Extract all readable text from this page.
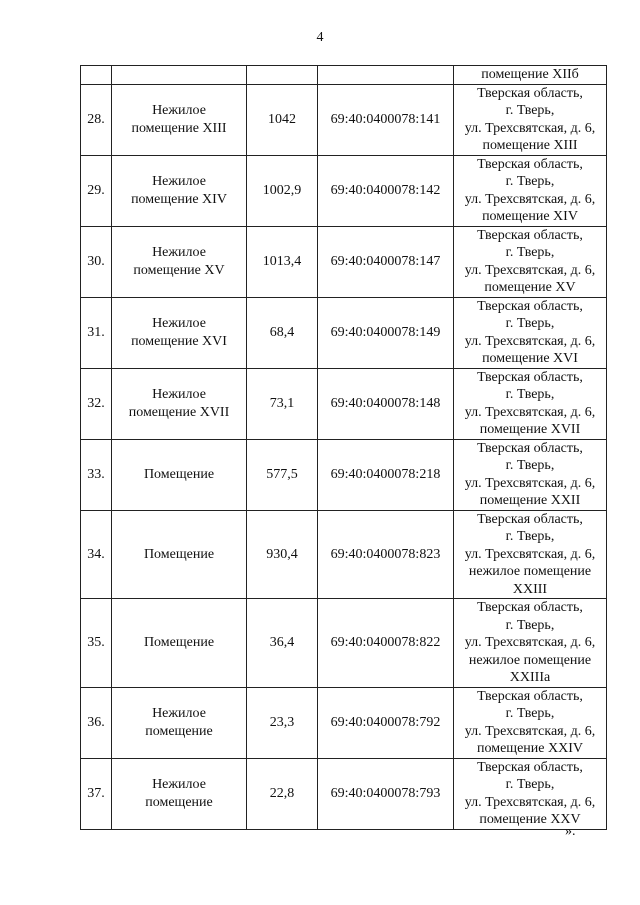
4
				помещение XIIб
28.	Нежилое
помещение XIII	1042	69:40:0400078:141	Тверская область,
г. Тверь,
ул. Трехсвятская, д. 6,
помещение XIII

29.	Нежилое
помещение XIV	1002,9	69:40:0400078:142	Тверская область,
г. Тверь,
ул. Трехсвятская, д. 6,
помещение XIV

30.	Нежилое
помещение XV	1013,4	69:40:0400078:147	Тверская область,
г. Тверь,
ул. Трехсвятская, д. 6,
помещение XV

31.	Нежилое
помещение XVI	68,4	69:40:0400078:149	Тверская область,
г. Тверь,
ул. Трехсвятская, д. 6,
помещение XVI

32.	Нежилое
помещение XVII	73,1	69:40:0400078:148	Тверская область,
г. Тверь,
ул. Трехсвятская, д. 6,
помещение XVII

33.	Помещение	577,5	69:40:0400078:218	Тверская область,
г. Тверь,
ул. Трехсвятская, д. 6,
помещение XXII

34.	Помещение	930,4	69:40:0400078:823	Тверская область,
г. Тверь,
ул. Трехсвятская, д. 6,
нежилое помещение
XXIII

35.	Помещение	36,4	69:40:0400078:822	Тверская область,
г. Тверь,
ул. Трехсвятская, д. 6,
нежилое помещение
XXIIIа

36.	Нежилое
помещение	23,3	69:40:0400078:792	Тверская область,
г. Тверь,
ул. Трехсвятская, д. 6,
помещение XXIV

37.	Нежилое
помещение	22,8	69:40:0400078:793	Тверская область,
г. Тверь,
ул. Трехсвятская, д. 6,
помещение XXV
».
